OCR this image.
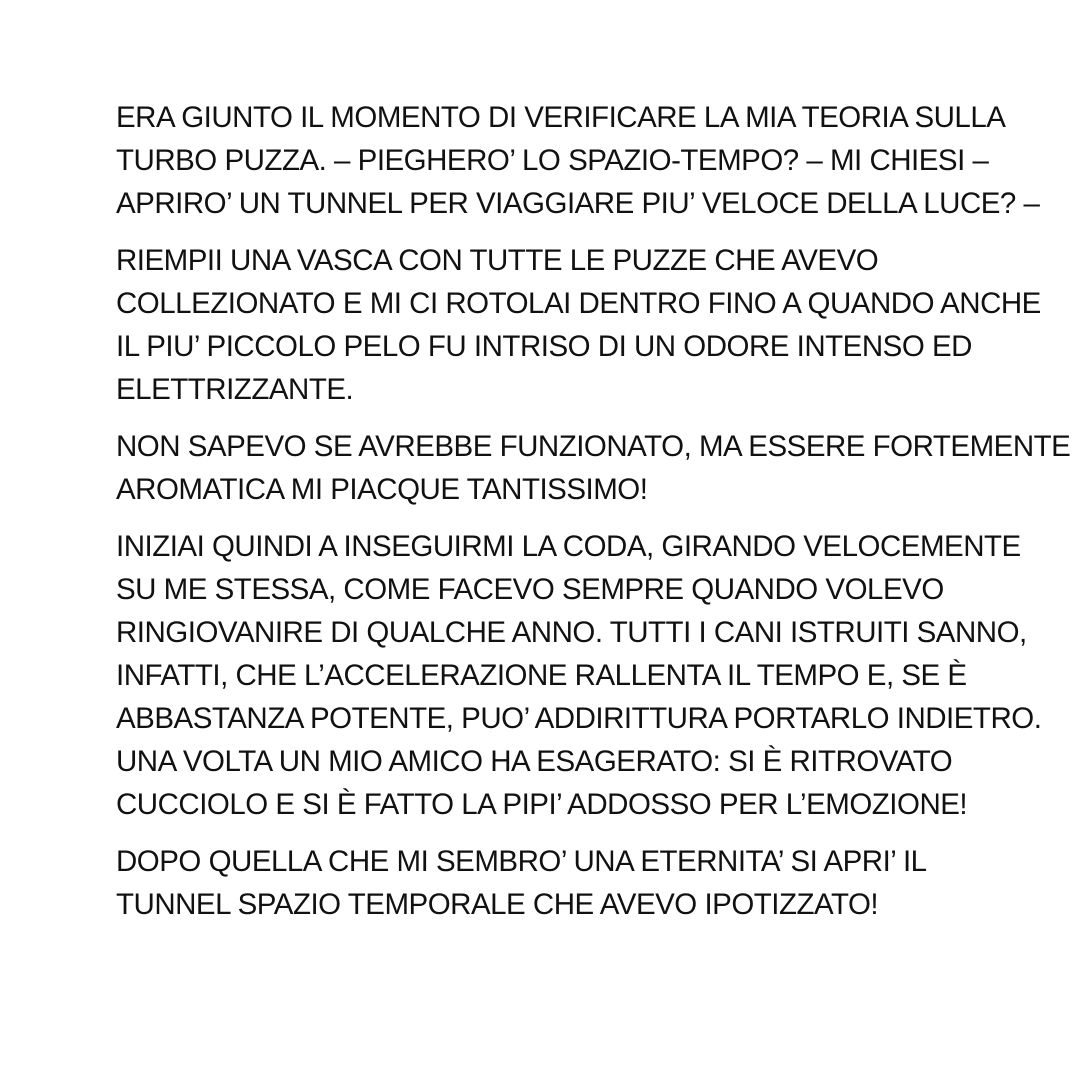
ERA GIUNTO IL MOMENTO DI VERIFICARE LA MIA TEORIA SULLA
TURBO PUZZA. – PIEGHERO’ LO SPAZIO-TEMPO? – MI CHIESI –
APRIRO’ UN TUNNEL PER VIAGGIARE PIU’ VELOCE DELLA LUCE? –

RIEMPII UNA VASCA CON TUTTE LE PUZZE CHE AVEVO
COLLEZIONATO E MI CI ROTOLAI DENTRO FINO A QUANDO ANCHE
IL PIU’ PICCOLO PELO FU INTRISO DI UN ODORE INTENSO ED
ELETTRIZZANTE.

NON SAPEVO SE AVREBBE FUNZIONATO, MA ESSERE FORTEMENTE
AROMATICA MI PIACQUE TANTISSIMO!

INIZIAI QUINDI A INSEGUIRMI LA CODA, GIRANDO VELOCEMENTE
SU ME STESSA, COME FACEVO SEMPRE QUANDO VOLEVO
RINGIOVANIRE DI QUALCHE ANNO. TUTTI I CANI ISTRUITI SANNO,
INFATTI, CHE L’ACCELERAZIONE RALLENTA IL TEMPO E, SE È
ABBASTANZA POTENTE, PUO’ ADDIRITTURA PORTARLO INDIETRO.
UNA VOLTA UN MIO AMICO HA ESAGERATO: SI È RITROVATO
CUCCIOLO E SI È FATTO LA PIPI’ ADDOSSO PER L’EMOZIONE!

DOPO QUELLA CHE MI SEMBRO’ UNA ETERNITA’ SI APRI’ IL
TUNNEL SPAZIO TEMPORALE CHE AVEVO IPOTIZZATO!
